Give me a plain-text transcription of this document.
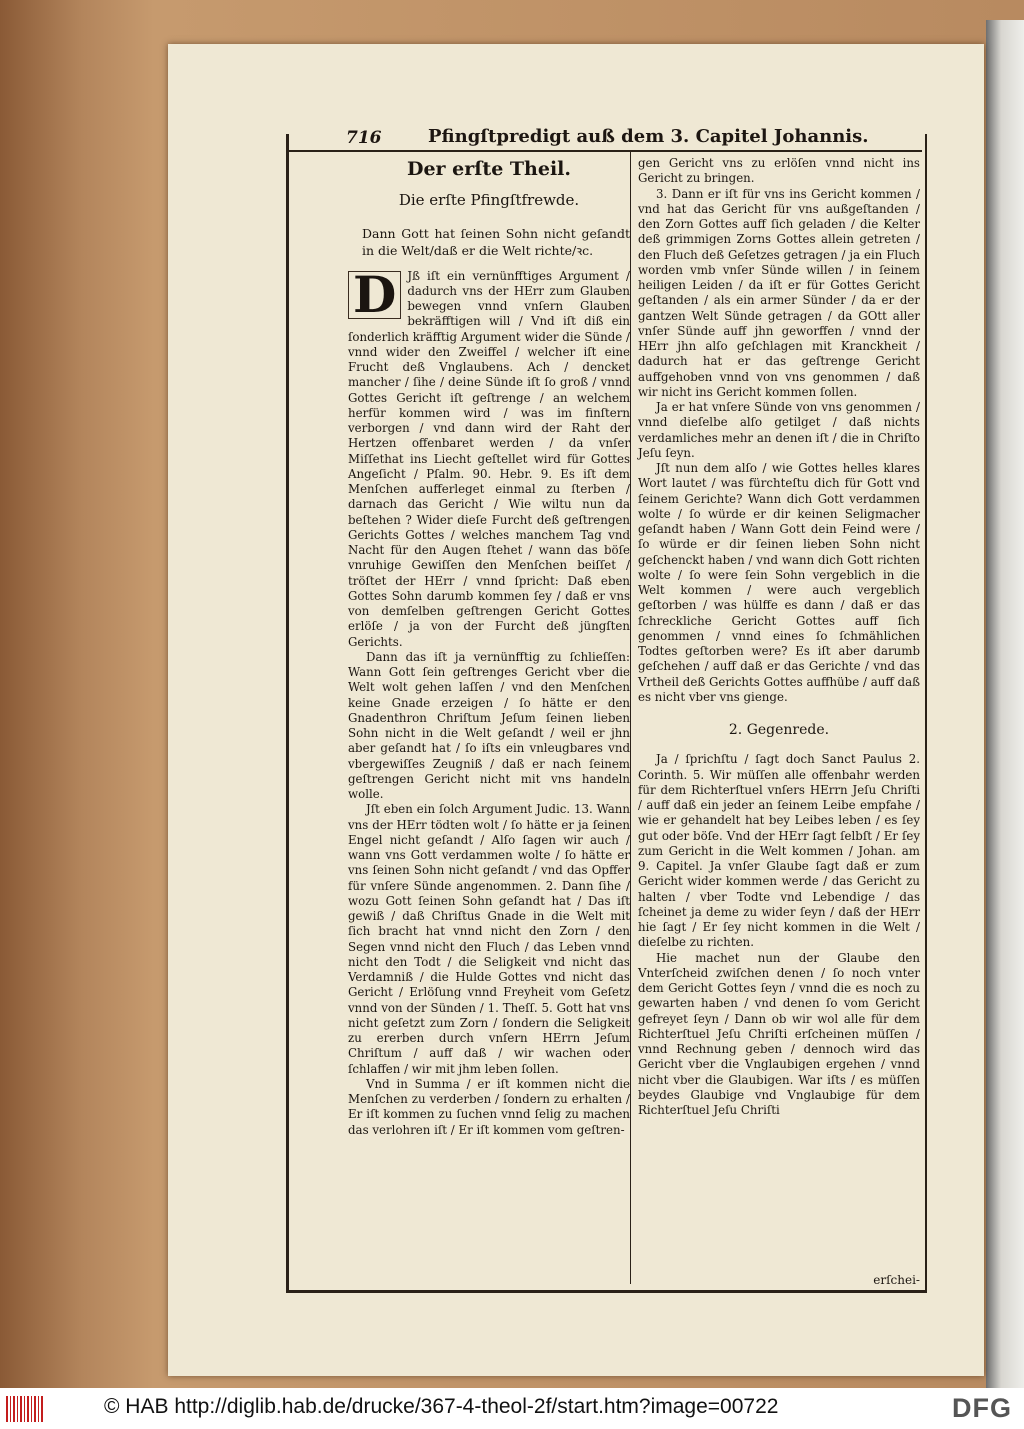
716	Pfingſtpredigt auß dem 3. Capitel Johannis.
Der erſte Theil.
Die erſte Pfingſtfrewde.
Dann Gott hat ſeinen Sohn nicht geſandt in die Welt/daß er die Welt richte/ꝛc.

D Jß iſt ein vernünfftiges Argument / dadurch vns der HErr zum Glauben bewegen vnnd vnſern Glauben bekräfftigen will / Vnd iſt diß ein ſonderlich kräfftig Argument wider die Sünde / vnnd wider den Zweiffel / welcher iſt eine Frucht deß Vnglaubens. Ach / dencket mancher / ſihe / deine Sünde iſt ſo groß / vnnd Gottes Gericht iſt geſtrenge / an welchem herfür kommen wird / was im finſtern verborgen / vnd dann wird der Raht der Hertzen offenbaret werden / da vnſer Miſſethat ins Liecht geſtellet wird für Gottes Angeſicht / Pſalm. 90. Hebr. 9. Es iſt dem Menſchen aufferleget einmal zu ſterben / darnach das Gericht / Wie wiltu nun da beſtehen ? Wider dieſe Furcht deß geſtrengen Gerichts Gottes / welches manchem Tag vnd Nacht für den Augen ſtehet / wann das böſe vnruhige Gewiſſen den Menſchen beiſſet / tröſtet der HErr / vnnd ſpricht: Daß eben Gottes Sohn darumb kommen ſey / daß er vns von demſelben geſtrengen Gericht Gottes erlöſe / ja von der Furcht deß jüngſten Gerichts.

Dann das iſt ja vernünfftig zu ſchlieſſen: Wann Gott ſein geſtrenges Gericht vber die Welt wolt gehen laſſen / vnd den Menſchen keine Gnade erzeigen / ſo hätte er den Gnadenthron Chriſtum Jeſum ſeinen lieben Sohn nicht in die Welt geſandt / weil er jhn aber geſandt hat / ſo iſts ein vnleugbares vnd vbergewiſſes Zeugniß / daß er nach ſeinem geſtrengen Gericht nicht mit vns handeln wolle.

Jſt eben ein ſolch Argument Judic. 13. Wann vns der HErr tödten wolt / ſo hätte er ja ſeinen Engel nicht geſandt / Alſo ſagen wir auch / wann vns Gott verdammen wolte / ſo hätte er vns ſeinen Sohn nicht geſandt / vnd das Opffer für vnſere Sünde angenommen. 2. Dann ſihe / wozu Gott ſeinen Sohn geſandt hat / Das iſt gewiß / daß Chriſtus Gnade in die Welt mit ſich bracht hat vnnd nicht den Zorn / den Segen vnnd nicht den Fluch / das Leben vnnd nicht den Todt / die Seligkeit vnd nicht das Verdamniß / die Hulde Gottes vnd nicht das Gericht / Erlöſung vnnd Freyheit vom Geſetz vnnd von der Sünden / 1. Theſſ. 5. Gott hat vns nicht geſetzt zum Zorn / ſondern die Seligkeit zu ererben durch vnſern HErrn Jeſum Chriſtum / auff daß / wir wachen oder ſchlaffen / wir mit jhm leben ſollen.

Vnd in Summa / er iſt kommen nicht die Menſchen zu verderben / ſondern zu erhalten / Er iſt kommen zu ſuchen vnnd ſelig zu machen das verlohren iſt / Er iſt kommen vom geſtren-

gen Gericht vns zu erlöſen vnnd nicht ins Gericht zu bringen.

3. Dann er iſt für vns ins Gericht kommen / vnd hat das Gericht für vns außgeſtanden / den Zorn Gottes auff ſich geladen / die Kelter deß grimmigen Zorns Gottes allein getreten / den Fluch deß Geſetzes getragen / ja ein Fluch worden vmb vnſer Sünde willen / in ſeinem heiligen Leiden / da iſt er für Gottes Gericht geſtanden / als ein armer Sünder / da er der gantzen Welt Sünde getragen / da GOtt aller vnſer Sünde auff jhn geworffen / vnnd der HErr jhn alſo geſchlagen mit Kranckheit / dadurch hat er das geſtrenge Gericht auffgehoben vnnd von vns genommen / daß wir nicht ins Gericht kommen ſollen.

Ja er hat vnſere Sünde von vns genommen / vnnd dieſelbe alſo getilget / daß nichts verdamliches mehr an denen iſt / die in Chriſto Jeſu ſeyn.

Jſt nun dem alſo / wie Gottes helles klares Wort lautet / was fürchteſtu dich für Gott vnd ſeinem Gerichte? Wann dich Gott verdammen wolte / ſo würde er dir keinen Seligmacher geſandt haben / Wann Gott dein Feind were / ſo würde er dir ſeinen lieben Sohn nicht geſchenckt haben / vnd wann dich Gott richten wolte / ſo were ſein Sohn vergeblich in die Welt kommen / were auch vergeblich geſtorben / was hülffe es dann / daß er das ſchreckliche Gericht Gottes auff ſich genommen / vnnd eines ſo ſchmählichen Todtes geſtorben were? Es iſt aber darumb geſchehen / auff daß er das Gerichte / vnd das Vrtheil deß Gerichts Gottes auffhübe / auff daß es nicht vber vns gienge.

2. Gegenrede.

Ja / ſprichſtu / ſagt doch Sanct Paulus 2. Corinth. 5. Wir müſſen alle offenbahr werden für dem Richterſtuel vnſers HErrn Jeſu Chriſti / auff daß ein jeder an ſeinem Leibe empfahe / wie er gehandelt hat bey Leibes leben / es ſey gut oder böſe. Vnd der HErr ſagt ſelbſt / Er ſey zum Gericht in die Welt kommen / Johan. am 9. Capitel. Ja vnſer Glaube ſagt daß er zum Gericht wider kommen werde / das Gericht zu halten / vber Todte vnd Lebendige / das ſcheinet ja deme zu wider ſeyn / daß der HErr hie ſagt / Er ſey nicht kommen in die Welt / dieſelbe zu richten.

Hie machet nun der Glaube den Vnterſcheid zwiſchen denen / ſo noch vnter dem Gericht Gottes ſeyn / vnnd die es noch zu gewarten haben / vnd denen ſo vom Gericht gefreyet ſeyn / Dann ob wir wol alle für dem Richterſtuel Jeſu Chriſti erſcheinen müſſen / vnnd Rechnung geben / dennoch wird das Gericht vber die Vnglaubigen ergehen / vnnd nicht vber die Glaubigen. War iſts / es müſſen beydes Glaubige vnd Vnglaubige für dem Richterſtuel Jeſu Chriſti

erſchei-
© HAB http://diglib.hab.de/drucke/367-4-theol-2f/start.htm?image=00722	DFG
